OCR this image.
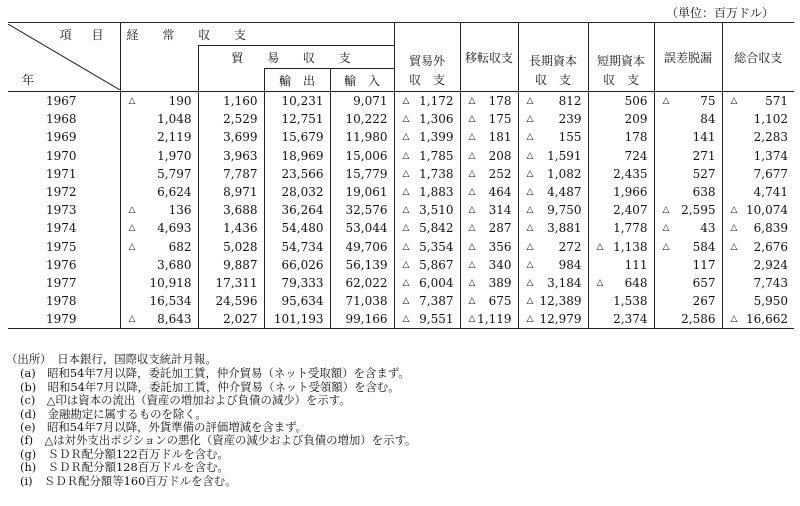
（単位：百万ドル）
項 目
年	経 常 収 支				貿易外	移転収支	長期資本	短期資本	誤差脱漏	総合収支
		貿 易 収 支								
			輸　出	輸　入	収　支		収　支	収　支		
1967	△ 190	1,160	10,231	9,071	△ 1,172	△ 178	△ 812	506	△ 75	△ 571
1968	1,048	2,529	12,751	10,222	△ 1,306	△ 175	△ 239	209	84	1,102
1969	2,119	3,699	15,679	11,980	△ 1,399	△ 181	△ 155	178	141	2,283
1970	1,970	3,963	18,969	15,006	△ 1,785	△ 208	△ 1,591	724	271	1,374
1971	5,797	7,787	23,566	15,779	△ 1,738	△ 252	△ 1,082	2,435	527	7,677
1972	6,624	8,971	28,032	19,061	△ 1,883	△ 464	△ 4,487	1,966	638	4,741
1973	△ 136	3,688	36,264	32,576	△ 3,510	△ 314	△ 9,750	2,407	△ 2,595	△ 10,074
1974	△ 4,693	1,436	54,480	53,044	△ 5,842	△ 287	△ 3,881	1,778	△ 43	△ 6,839
1975	△ 682	5,028	54,734	49,706	△ 5,354	△ 356	△ 272	△ 1,138	△ 584	△ 2,676
1976	3,680	9,887	66,026	56,139	△ 5,867	△ 340	△ 984	111	117	2,924
1977	10,918	17,311	79,333	62,022	△ 6,004	△ 389	△ 3,184	△ 648	657	7,743
1978	16,534	24,596	95,634	71,038	△ 7,387	△ 675	△ 12,389	1,538	267	5,950
1979	△ 8,643	2,027	101,193	99,166	△ 9,551	△ 1,119	△ 12,979	2,374	2,586	△ 16,662
（出所）　日本銀行，国際収支統計月報。
(a)　昭和54年7月以降，委託加工賃，仲介貿易（ネット受取額）を含まず。
(b)　昭和54年7月以降，委託加工賃，仲介貿易（ネット受領額）を含む。
(c)　△印は資本の流出（資産の増加および負債の減少）を示す。
(d)　金融勘定に属するものを除く。
(e)　昭和54年7月以降，外貨準備の評価増減を含まず。
(f)　△は対外支出ポジションの悪化（資産の減少および負債の増加）を示す。
(g)　ＳＤＲ配分額122百万ドルを含む。
(h)　ＳＤＲ配分額128百万ドルを含む。
(i)　ＳＤＲ配分額等160百万ドルを含む。
